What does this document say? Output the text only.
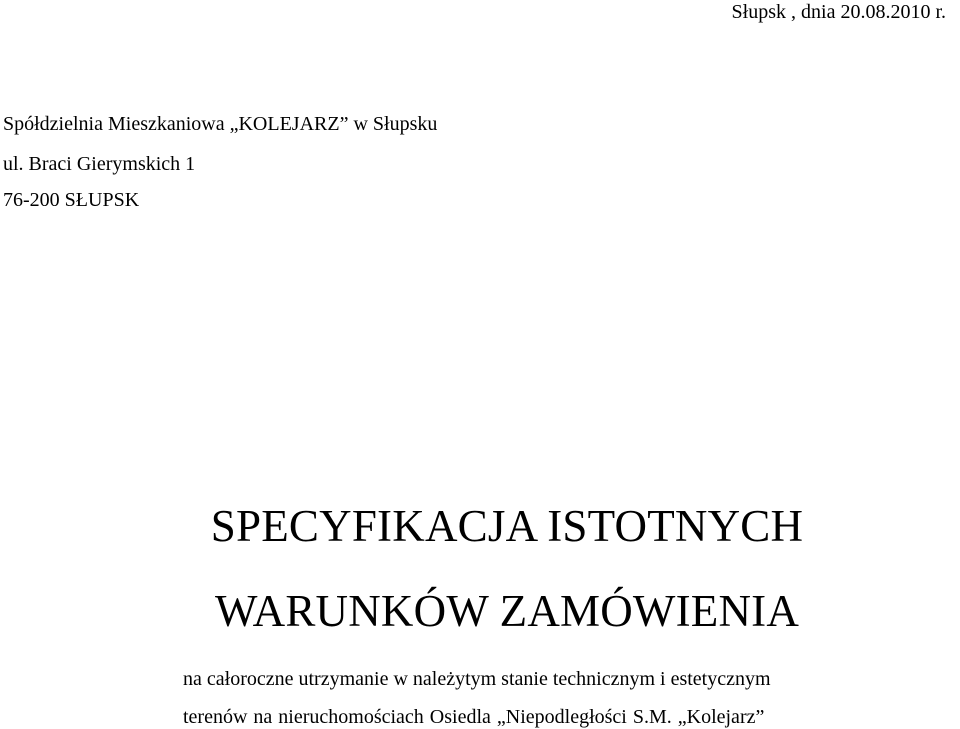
Słupsk , dnia 20.08.2010 r.
Spółdzielnia Mieszkaniowa „KOLEJARZ” w Słupsku
ul. Braci Gierymskich 1
76-200 SŁUPSK
SPECYFIKACJA ISTOTNYCH
WARUNKÓW ZAMÓWIENIA
na całoroczne utrzymanie w należytym stanie technicznym i estetycznym
terenów na nieruchomościach Osiedla „Niepodległości S.M. „Kolejarz”
